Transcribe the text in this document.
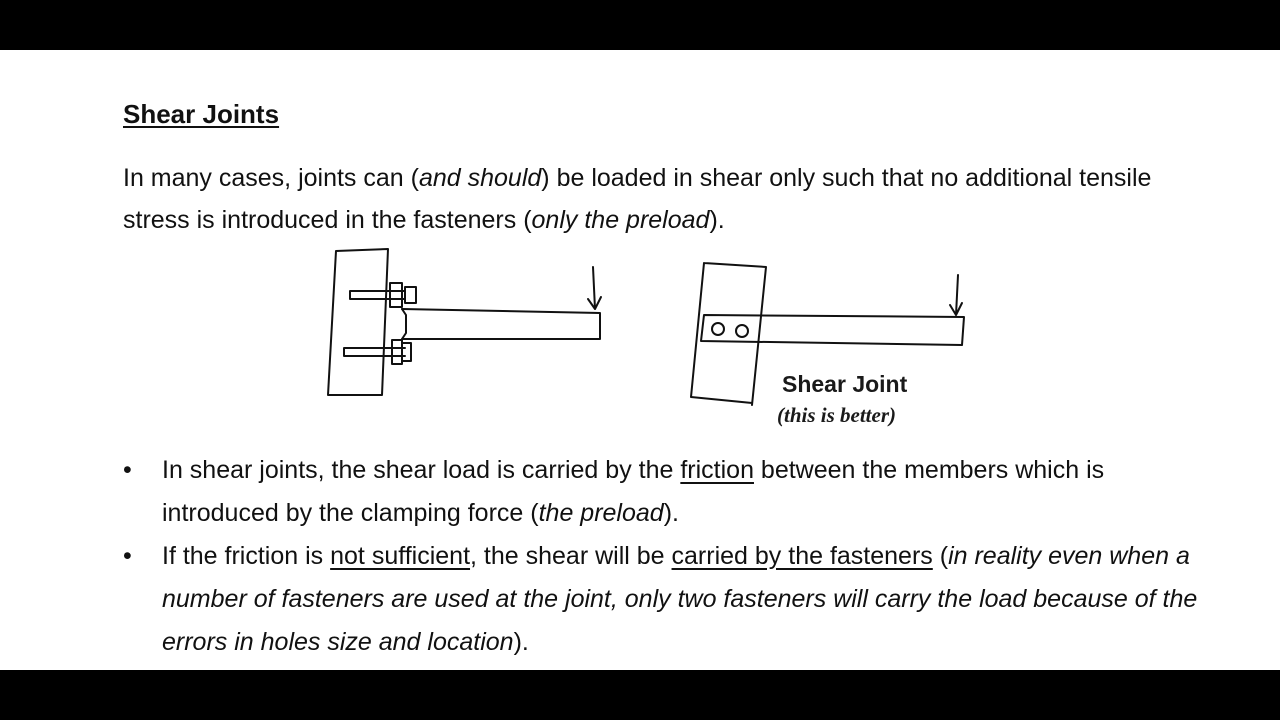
Shear Joints

In many cases, joints can (and should) be loaded in shear only such that no additional tensile stress is introduced in the fasteners (only the preload).

Shear Joint
(this is better)
• In shear joints, the shear load is carried by the friction between the members which is introduced by the clamping force (the preload).
• If the friction is not sufficient, the shear will be carried by the fasteners (in reality even when a number of fasteners are used at the joint, only two fasteners will carry the load because of the errors in holes size and location).
